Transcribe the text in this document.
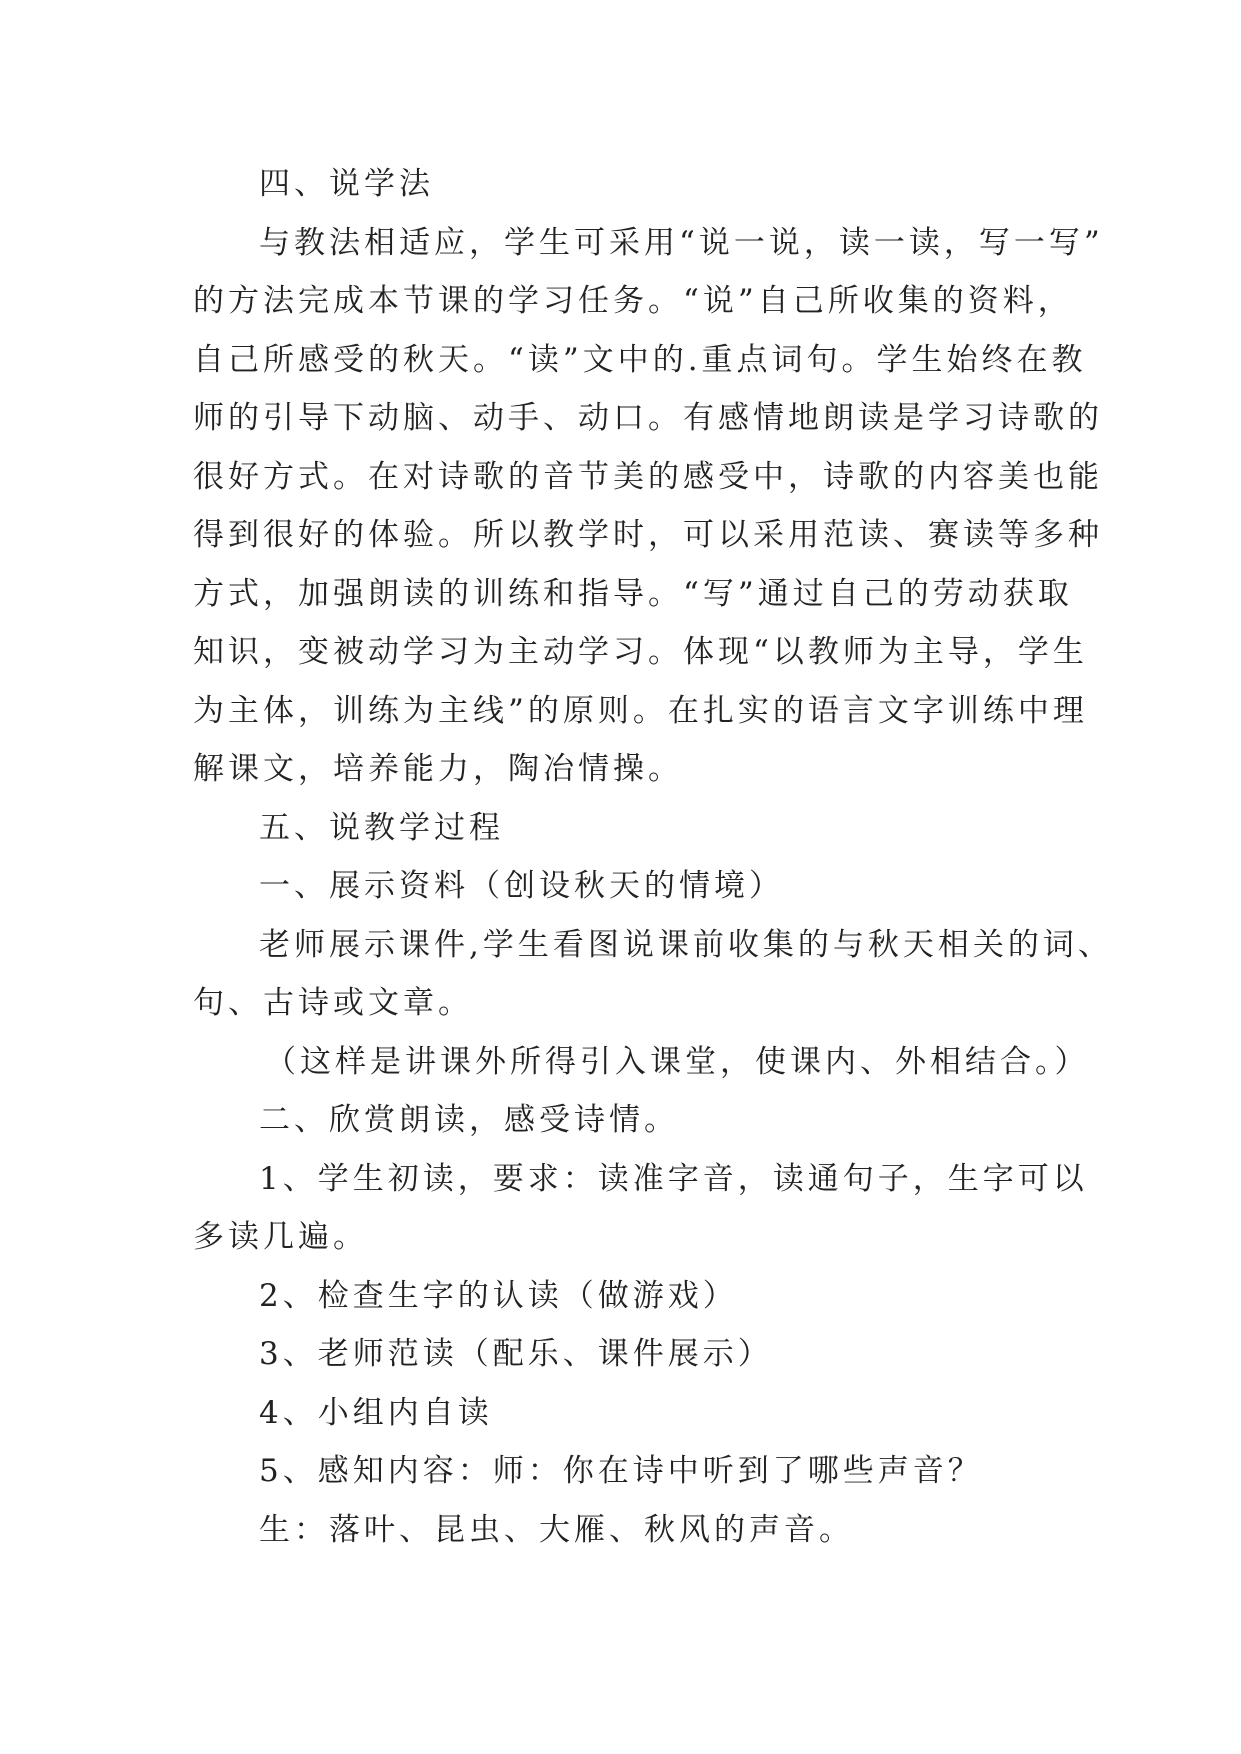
四、说学法
与教法相适应，学生可采用“说一说，读一读，写一写”
的方法完成本节课的学习任务。“说”自己所收集的资料，
自己所感受的秋天。“读”文中的.重点词句。学生始终在教
师的引导下动脑、动手、动口。有感情地朗读是学习诗歌的
很好方式。在对诗歌的音节美的感受中，诗歌的内容美也能
得到很好的体验。所以教学时，可以采用范读、赛读等多种
方式，加强朗读的训练和指导。“写”通过自己的劳动获取
知识，变被动学习为主动学习。体现“以教师为主导，学生
为主体，训练为主线”的原则。在扎实的语言文字训练中理
解课文，培养能力，陶冶情操。
五、说教学过程
一、展示资料（创设秋天的情境）
老师展示课件,学生看图说课前收集的与秋天相关的词、
句、古诗或文章。
（这样是讲课外所得引入课堂，使课内、外相结合。）
二、欣赏朗读，感受诗情。
1、学生初读，要求：读准字音，读通句子，生字可以
多读几遍。
2、检查生字的认读（做游戏）
3、老师范读（配乐、课件展示）
4、小组内自读
5、感知内容：师：你在诗中听到了哪些声音？
生：落叶、昆虫、大雁、秋风的声音。
